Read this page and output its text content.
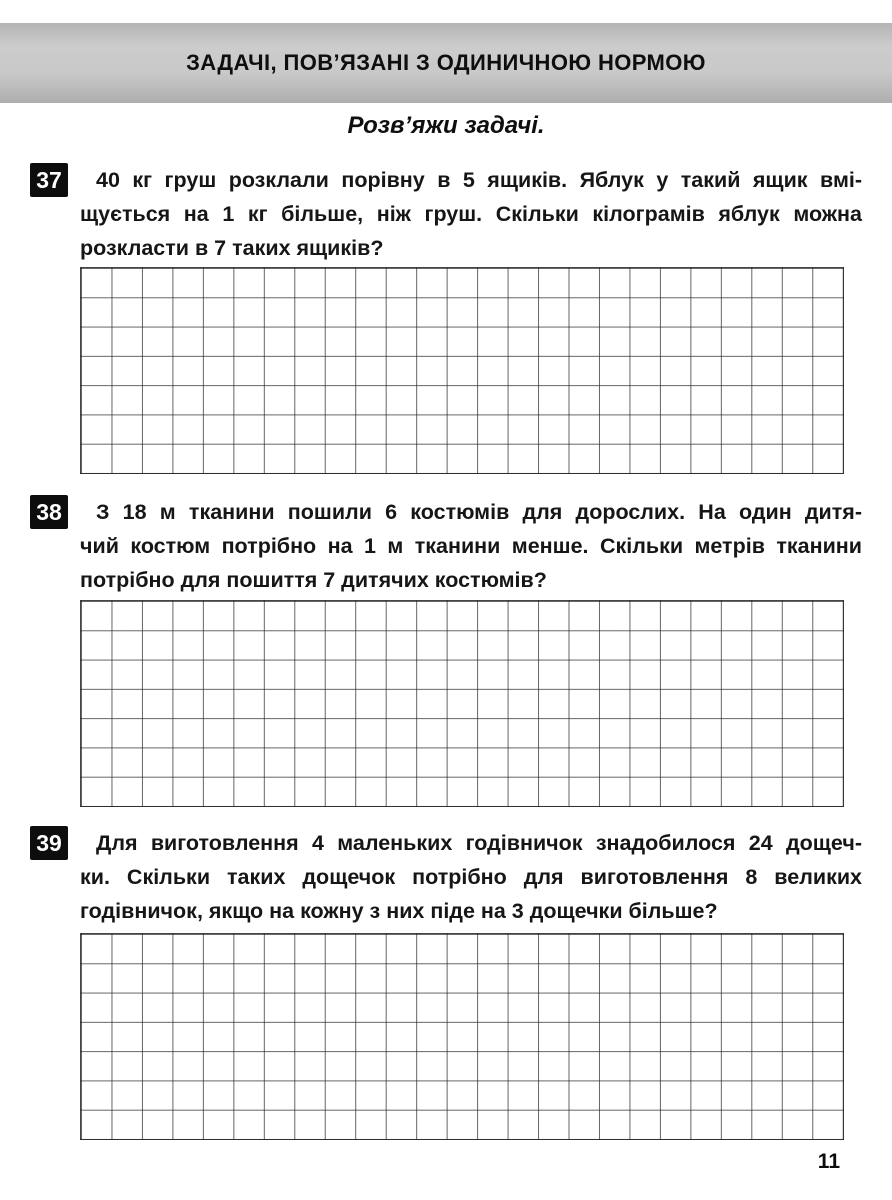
ЗАДАЧІ, ПОВ’ЯЗАНІ З ОДИНИЧНОЮ НОРМОЮ
Розв’яжи задачі.
37	40 кг груш розклали порівну в 5 ящиків. Яблук у такий ящик вмі-
щується на 1 кг більше, ніж груш. Скільки кілограмів яблук можна
розкласти в 7 таких ящиків?
38	З 18 м тканини пошили 6 костюмів для дорослих. На один дитя-
чий костюм потрібно на 1 м тканини менше. Скільки метрів тканини
потрібно для пошиття 7 дитячих костюмів?
39	Для виготовлення 4 маленьких годівничок знадобилося 24 дощеч-
ки. Скільки таких дощечок потрібно для виготовлення 8 великих
годівничок, якщо на кожну з них піде на 3 дощечки більше?
11
